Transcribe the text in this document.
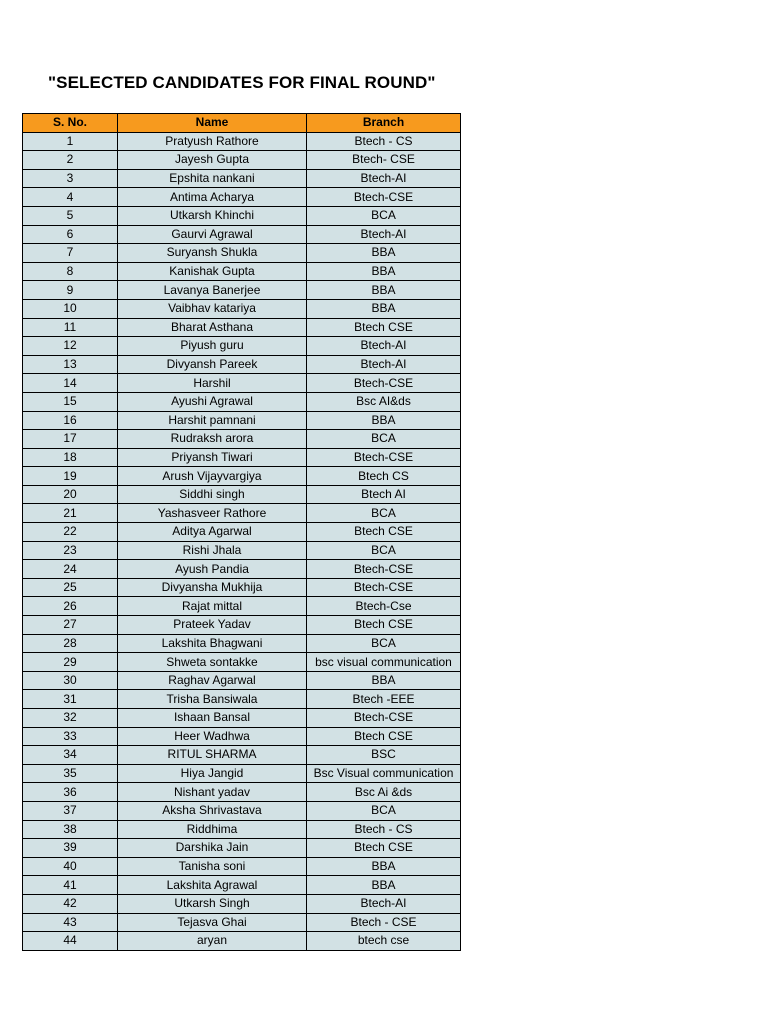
"SELECTED CANDIDATES FOR FINAL ROUND"
S. No.	Name	Branch
1	Pratyush Rathore	Btech - CS
2	Jayesh Gupta	Btech- CSE
3	Epshita nankani	Btech-AI
4	Antima Acharya	Btech-CSE
5	Utkarsh Khinchi	BCA
6	Gaurvi Agrawal	Btech-AI
7	Suryansh Shukla	BBA
8	Kanishak Gupta	BBA
9	Lavanya Banerjee	BBA
10	Vaibhav katariya	BBA
11	Bharat Asthana	Btech CSE
12	Piyush guru	Btech-AI
13	Divyansh Pareek	Btech-AI
14	Harshil	Btech-CSE
15	Ayushi Agrawal	Bsc AI&ds
16	Harshit pamnani	BBA
17	Rudraksh arora	BCA
18	Priyansh Tiwari	Btech-CSE
19	Arush Vijayvargiya	Btech CS
20	Siddhi singh	Btech AI
21	Yashasveer Rathore	BCA
22	Aditya Agarwal	Btech CSE
23	Rishi Jhala	BCA
24	Ayush Pandia	Btech-CSE
25	Divyansha Mukhija	Btech-CSE
26	Rajat mittal	Btech-Cse
27	Prateek Yadav	Btech CSE
28	Lakshita Bhagwani	BCA
29	Shweta sontakke	bsc visual communication
30	Raghav Agarwal	BBA
31	Trisha Bansiwala	Btech -EEE
32	Ishaan Bansal	Btech-CSE
33	Heer Wadhwa	Btech CSE
34	RITUL SHARMA	BSC
35	Hiya Jangid	Bsc Visual communication
36	Nishant yadav	Bsc Ai &ds
37	Aksha Shrivastava	BCA
38	Riddhima	Btech - CS
39	Darshika Jain	Btech CSE
40	Tanisha soni	BBA
41	Lakshita Agrawal	BBA
42	Utkarsh Singh	Btech-AI
43	Tejasva Ghai	Btech - CSE
44	aryan	btech cse
